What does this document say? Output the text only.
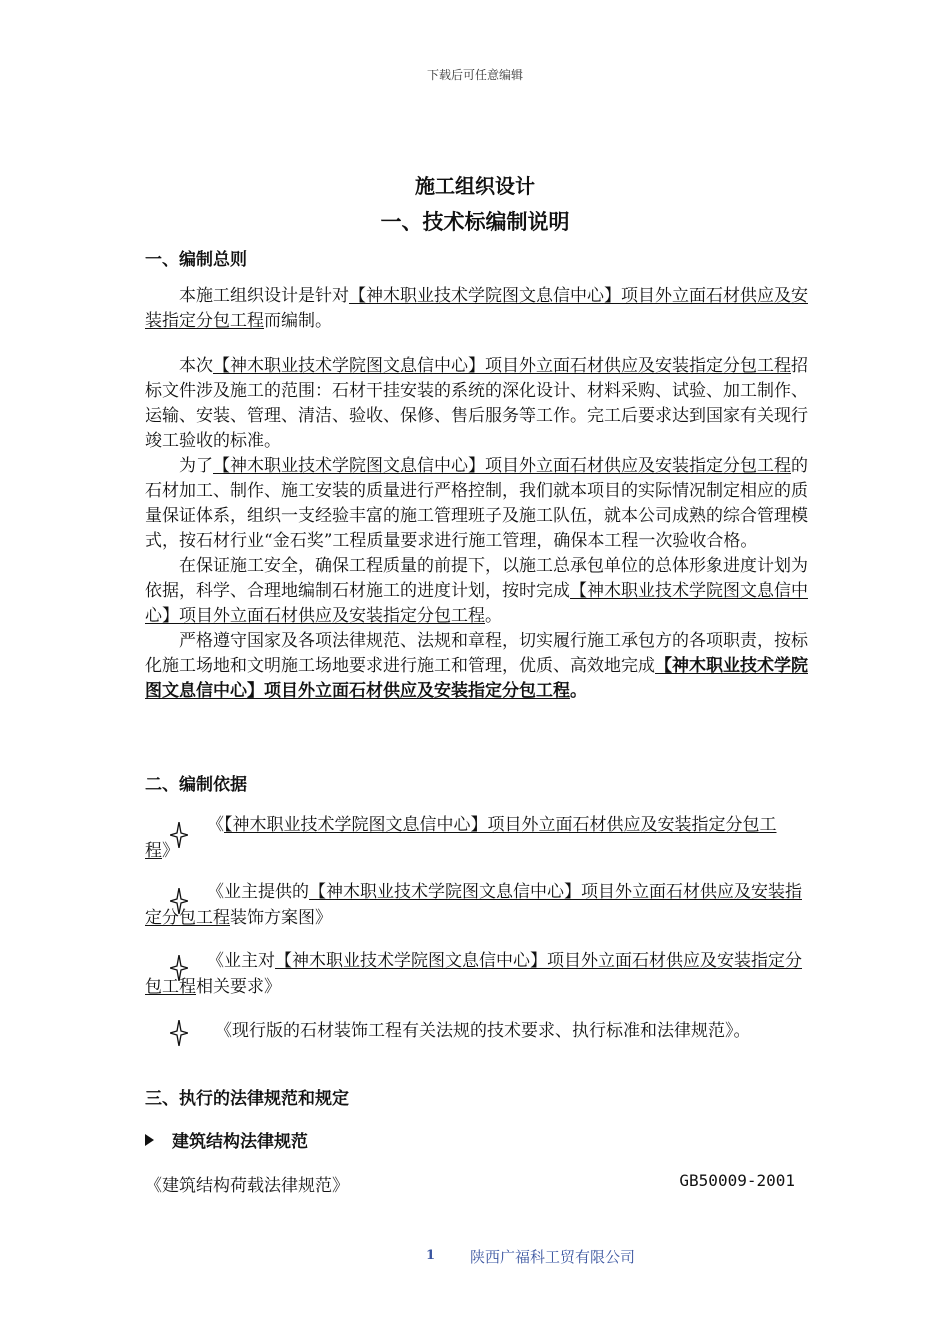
下载后可任意编辑
施工组织设计
一、技术标编制说明
一、编制总则

本施工组织设计是针对【神木职业技术学院图文息信中心】项目外立面石材供应及安装指定分包工程而编制。

本次【神木职业技术学院图文息信中心】项目外立面石材供应及安装指定分包工程招标文件涉及施工的范围：石材干挂安装的系统的深化设计、材料采购、试验、加工制作、运输、安装、管理、清洁、验收、保修、售后服务等工作。完工后要求达到国家有关现行竣工验收的标准。

为了【神木职业技术学院图文息信中心】项目外立面石材供应及安装指定分包工程的石材加工、制作、施工安装的质量进行严格控制，我们就本项目的实际情况制定相应的质量保证体系，组织一支经验丰富的施工管理班子及施工队伍，就本公司成熟的综合管理模式，按石材行业“金石奖”工程质量要求进行施工管理，确保本工程一次验收合格。

在保证施工安全，确保工程质量的前提下，以施工总承包单位的总体形象进度计划为依据，科学、合理地编制石材施工的进度计划，按时完成【神木职业技术学院图文息信中心】项目外立面石材供应及安装指定分包工程。

严格遵守国家及各项法律规范、法规和章程，切实履行施工承包方的各项职责，按标化施工场地和文明施工场地要求进行施工和管理，优质、高效地完成【神木职业技术学院图文息信中心】项目外立面石材供应及安装指定分包工程。

二、编制依据
《【神木职业技术学院图文息信中心】项目外立面石材供应及安装指定分包工程》
《业主提供的【神木职业技术学院图文息信中心】项目外立面石材供应及安装指定分包工程装饰方案图》
《业主对【神木职业技术学院图文息信中心】项目外立面石材供应及安装指定分包工程相关要求》
《现行版的石材装饰工程有关法规的技术要求、执行标准和法律规范》。
三、执行的法律规范和规定
建筑结构法律规范
《建筑结构荷载法律规范》	GB50009-2001
1 陕西广福科工贸有限公司
